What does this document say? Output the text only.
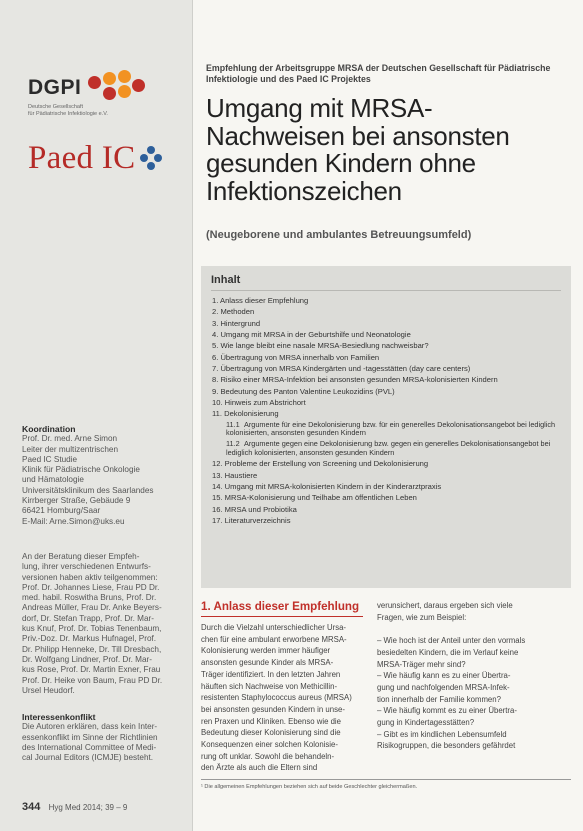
DGPI
Deutsche Gesellschaft
für Pädiatrische Infektiologie e.V.
Paed IC
Koordination
Prof. Dr. med. Arne Simon
Leiter der multizentrischen
Paed IC Studie
Klinik für Pädiatrische Onkologie
und Hämatologie
Universitätsklinikum des Saarlandes
Kirrberger Straße, Gebäude 9
66421 Homburg/Saar
E-Mail: Arne.Simon@uks.eu
An der Beratung dieser Empfeh-
lung, ihrer verschiedenen Entwurfs-
versionen haben aktiv teilgenommen:
Prof. Dr. Johannes Liese, Frau PD Dr.
med. habil. Roswitha Bruns, Prof. Dr.
Andreas Müller, Frau Dr. Anke Beyers-
dorf, Dr. Stefan Trapp, Prof. Dr. Mar-
kus Knuf, Prof. Dr. Tobias Tenenbaum,
Priv.-Doz. Dr. Markus Hufnagel, Prof.
Dr. Philipp Henneke, Dr. Till Dresbach,
Dr. Wolfgang Lindner, Prof. Dr. Mar-
kus Rose, Prof. Dr. Martin Exner, Frau
Prof. Dr. Heike von Baum, Frau PD Dr.
Ursel Heudorf.
Interessenkonflikt
Die Autoren erklären, dass kein Inter-
essenkonflikt im Sinne der Richtlinien
des International Committee of Medi-
cal Journal Editors (ICMJE) besteht.
Empfehlung der Arbeitsgruppe MRSA der Deutschen Gesellschaft für Pädiatrische Infektiologie und des Paed IC Projektes
Umgang mit MRSA-
Nachweisen bei ansonsten
gesunden Kindern ohne
Infektionszeichen
(Neugeborene und ambulantes Betreuungsumfeld)
Inhalt
1. Anlass dieser Empfehlung
2. Methoden
3. Hintergrund
4. Umgang mit MRSA in der Geburtshilfe und Neonatologie
5. Wie lange bleibt eine nasale MRSA-Besiedlung nachweisbar?
6. Übertragung von MRSA innerhalb von Familien
7. Übertragung von MRSA Kindergärten und -tagesstätten (day care centers)
8. Risiko einer MRSA-Infektion bei ansonsten gesunden MRSA-kolonisierten Kindern
9. Bedeutung des Panton Valentine Leukozidins (PVL)
10. Hinweis zum Abstrichort
11. Dekolonisierung
11.1 Argumente für eine Dekolonisierung bzw. für ein generelles Dekolonisationsangebot bei lediglich kolonisierten, ansonsten gesunden Kindern
11.2 Argumente gegen eine Dekolonisierung bzw. gegen ein generelles Dekolonisationsangebot bei lediglich kolonisierten, ansonsten gesunden Kindern
12. Probleme der Erstellung von Screening und Dekolonisierung
13. Haustiere
14. Umgang mit MRSA-kolonisierten Kindern in der Kinderarztpraxis
15. MRSA-Kolonisierung und Teilhabe am öffentlichen Leben
16. MRSA und Probiotika
17. Literaturverzeichnis
1. Anlass dieser Empfehlung
Durch die Vielzahl unterschiedlicher Ursa-
chen für eine ambulant erworbene MRSA-
Kolonisierung werden immer häufiger
ansonsten gesunde Kinder als MRSA-
Träger identifiziert. In den letzten Jahren
häuften sich Nachweise von Methicillin-
resistenten Staphylococcus aureus (MRSA)
bei ansonsten gesunden Kindern in unse-
ren Praxen und Kliniken. Ebenso wie die
Bedeutung dieser Kolonisierung sind die
Konsequenzen einer solchen Kolonisie-
rung oft unklar. Sowohl die behandeln-
den Ärzte als auch die Eltern sind
verunsichert, daraus ergeben sich viele
Fragen, wie zum Beispiel:

– Wie hoch ist der Anteil unter den vormals
besiedelten Kindern, die im Verlauf keine
MRSA-Träger mehr sind?
– Wie häufig kann es zu einer Übertra-
gung und nachfolgenden MRSA-Infek-
tion innerhalb der Familie kommen?
– Wie häufig kommt es zu einer Übertra-
gung in Kindertagesstätten?
– Gibt es im kindlichen Lebensumfeld
Risikogruppen, die besonders gefährdet
¹ Die allgemeinen Empfehlungen beziehen sich auf beide Geschlechter gleichermaßen.
344 Hyg Med 2014; 39 – 9
